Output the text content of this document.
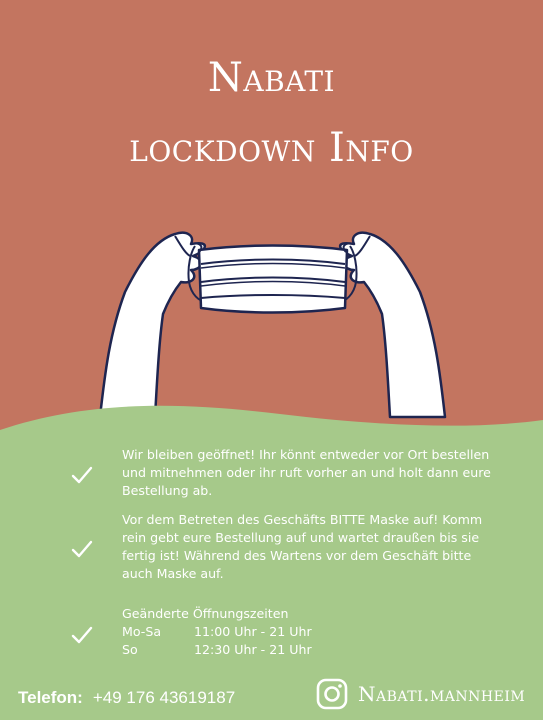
Nabati
lockdown Info
Wir bleiben geöffnet! Ihr könnt entweder vor Ort bestellen und mitnehmen oder ihr ruft vorher an und holt dann eure Bestellung ab.
Vor dem Betreten des Geschäfts BITTE Maske auf! Komm rein gebt eure Bestellung auf und wartet draußen bis sie fertig ist! Während des Wartens vor dem Geschäft bitte auch Maske auf.
Geänderte Öffnungszeiten
Mo-Sa	11:00 Uhr - 21 Uhr
So	12:30 Uhr - 21 Uhr
Telefon: +49 176 43619187	Nabati.mannheim
